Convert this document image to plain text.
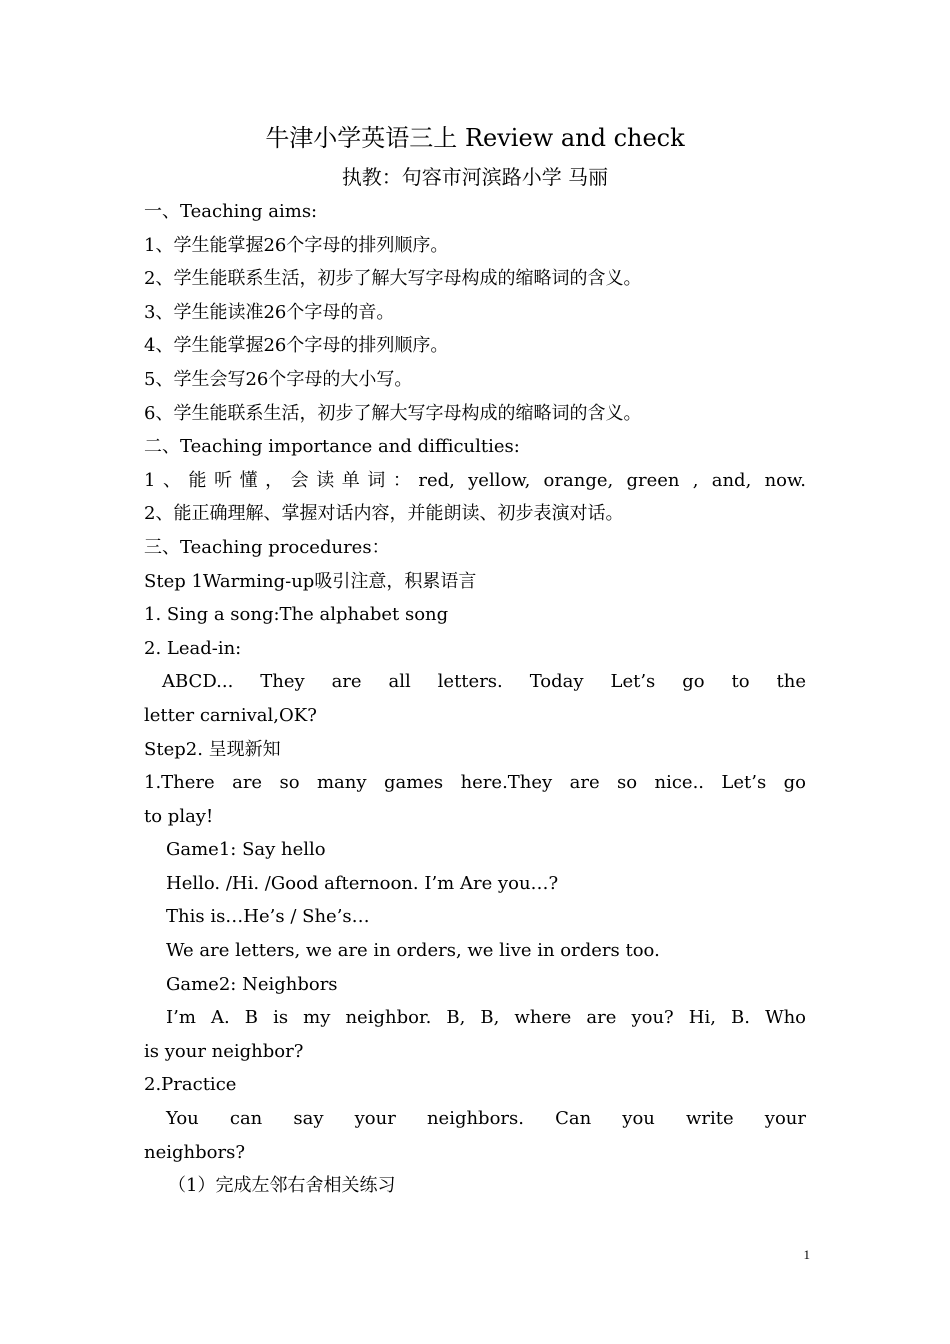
牛津小学英语三上 Review and check
执教：句容市河滨路小学 马丽
一、Teaching aims:
1、学生能掌握26个字母的排列顺序。
2、学生能联系生活，初步了解大写字母构成的缩略词的含义。
3、学生能读准26个字母的音。
4、学生能掌握26个字母的排列顺序。
5、学生会写26个字母的大小写。
6、学生能联系生活，初步了解大写字母构成的缩略词的含义。
二、Teaching importance and difficulties:
1、能听懂，会读单词：red, yellow, orange, green , and, now.
2、能正确理解、掌握对话内容，并能朗读、初步表演对话。
三、Teaching procedures：
Step 1Warming-up吸引注意，积累语言
1. Sing a song:The alphabet song
2. Lead-in:
ABCD... They are all letters. Today Let’s go to the
letter carnival,OK?
Step2. 呈现新知
1.There are so many games here.They are so nice.. Let’s go
to play!
Game1: Say hello
Hello. /Hi. /Good afternoon. I’m Are you…?
This is…He’s / She’s…
We are letters, we are in orders, we live in orders too.
Game2: Neighbors
I’m A. B is my neighbor. B, B, where are you? Hi, B. Who
is your neighbor?
2.Practice
You can say your neighbors. Can you write your
neighbors?
（1）完成左邻右舍相关练习
1
